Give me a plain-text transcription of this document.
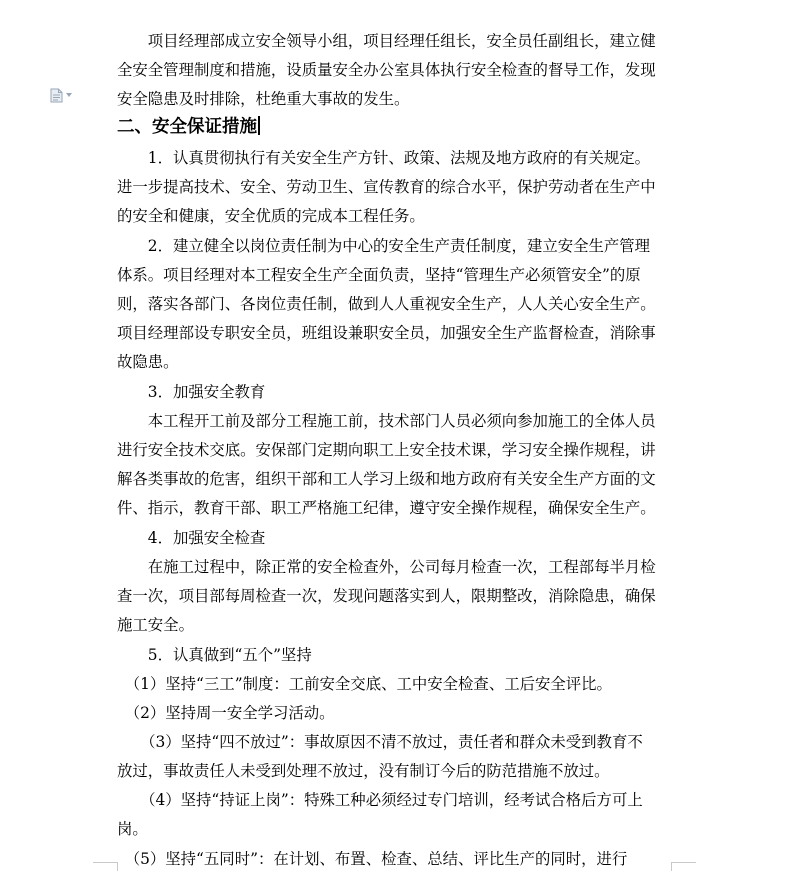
　　项目经理部成立安全领导小组，项目经理任组长，安全员任副组长，建立健
全安全管理制度和措施，设质量安全办公室具体执行安全检查的督导工作，发现
安全隐患及时排除，杜绝重大事故的发生。
二、安全保证措施
　　1．认真贯彻执行有关安全生产方针、政策、法规及地方政府的有关规定。
进一步提高技术、安全、劳动卫生、宣传教育的综合水平，保护劳动者在生产中
的安全和健康，安全优质的完成本工程任务。
　　2．建立健全以岗位责任制为中心的安全生产责任制度，建立安全生产管理
体系。项目经理对本工程安全生产全面负责，坚持“管理生产必须管安全”的原
则，落实各部门、各岗位责任制，做到人人重视安全生产，人人关心安全生产。
项目经理部设专职安全员，班组设兼职安全员，加强安全生产监督检查，消除事
故隐患。
　　3．加强安全教育
　　本工程开工前及部分工程施工前，技术部门人员必须向参加施工的全体人员
进行安全技术交底。安保部门定期向职工上安全技术课，学习安全操作规程，讲
解各类事故的危害，组织干部和工人学习上级和地方政府有关安全生产方面的文
件、指示，教育干部、职工严格施工纪律，遵守安全操作规程，确保安全生产。
　　4．加强安全检查
　　在施工过程中，除正常的安全检查外，公司每月检查一次，工程部每半月检
查一次，项目部每周检查一次，发现问题落实到人，限期整改，消除隐患，确保
施工安全。
　　5．认真做到“五个”坚持
　（1）坚持“三工”制度：工前安全交底、工中安全检查、工后安全评比。
　（2）坚持周一安全学习活动。
　　（3）坚持“四不放过”：事故原因不清不放过，责任者和群众未受到教育不
放过，事故责任人未受到处理不放过，没有制订今后的防范措施不放过。
　　（4）坚持“持证上岗”：特殊工种必须经过专门培训，经考试合格后方可上
岗。
　（5）坚持“五同时”：在计划、布置、检查、总结、评比生产的同时，进行
